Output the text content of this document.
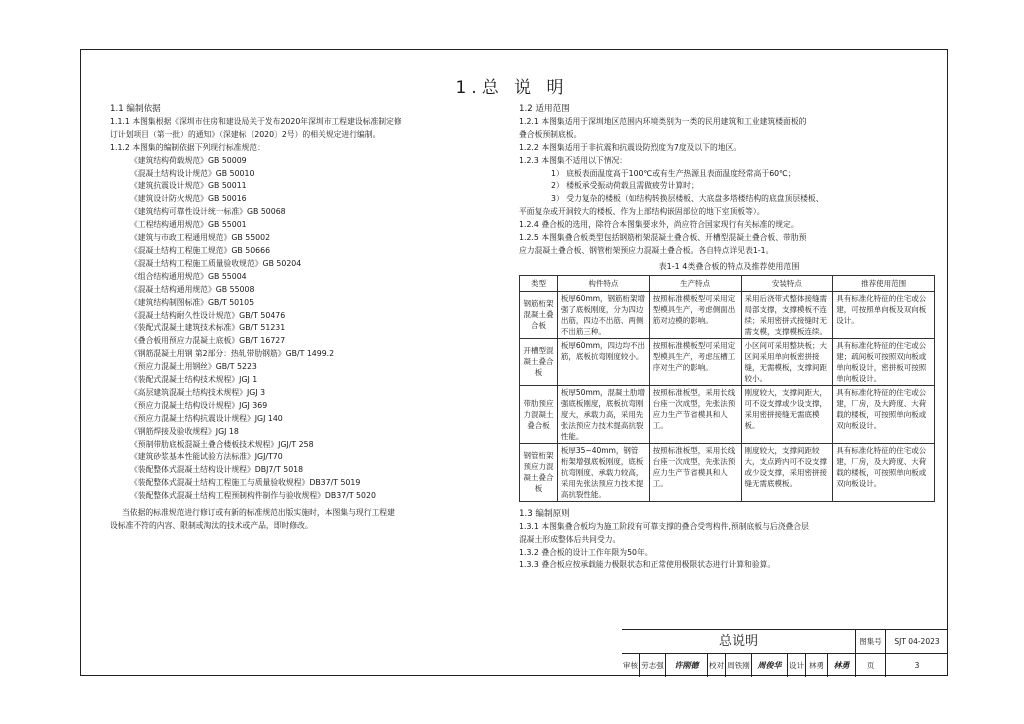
1.总 说 明
1.1 编制依据
1.1.1 本图集根据《深圳市住房和建设局关于发布2020年深圳市工程建设标准制定修
订计划项目（第一批）的通知》（深建标〔2020〕2号）的相关规定进行编制。
1.1.2 本图集的编制依据下列现行标准规范：
《建筑结构荷载规范》GB 50009
《混凝土结构设计规范》GB 50010
《建筑抗震设计规范》GB 50011
《建筑设计防火规范》GB 50016
《建筑结构可靠性设计统一标准》GB 50068
《工程结构通用规范》GB 55001
《建筑与市政工程通用规范》GB 55002
《混凝土结构工程施工规范》GB 50666
《混凝土结构工程施工质量验收规范》GB 50204
《组合结构通用规范》GB 55004
《混凝土结构通用规范》GB 55008
《建筑结构制图标准》GB/T 50105
《混凝土结构耐久性设计规范》GB/T 50476
《装配式混凝土建筑技术标准》GB/T 51231
《叠合板用预应力混凝土底板》GB/T 16727
《钢筋混凝土用钢 第2部分：热轧带肋钢筋》GB/T 1499.2
《预应力混凝土用钢丝》GB/T 5223
《装配式混凝土结构技术规程》JGJ 1
《高层建筑混凝土结构技术规程》JGJ 3
《预应力混凝土结构设计规程》JGJ 369
《预应力混凝土结构抗震设计规程》JGJ 140
《钢筋焊接及验收规程》JGJ 18
《预制带肋底板混凝土叠合楼板技术规程》JGJ/T 258
《建筑砂浆基本性能试验方法标准》JGJ/T70
《装配整体式混凝土结构设计规程》DBJ7/T 5018
《装配整体式混凝土结构工程施工与质量验收规程》DB37/T 5019
《装配整体式混凝土结构工程预制构件制作与验收规程》DB37/T 5020
当依据的标准规范进行修订或有新的标准规范出版实施时，本图集与现行工程建
设标准不符的内容、限制或淘汰的技术或产品，即时修改。
1.2 适用范围
1.2.1 本图集适用于深圳地区范围内环境类别为一类的民用建筑和工业建筑楼面板的
叠合板预制底板。
1.2.2 本图集适用于非抗震和抗震设防烈度为7度及以下的地区。
1.2.3 本图集不适用以下情况：
1） 底板表面温度高于100℃或有生产热源且表面温度经常高于60℃；
2） 楼板承受振动荷载且需做疲劳计算时；
3） 受力复杂的楼板（如结构转换层楼板、大底盘多塔楼结构的底盘顶层楼板、
平面复杂或开洞较大的楼板、作为上部结构嵌固部位的地下室顶板等）。
1.2.4 叠合板的选用，除符合本图集要求外，尚应符合国家现行有关标准的规定。
1.2.5 本图集叠合板类型包括钢筋桁架混凝土叠合板、开槽型混凝土叠合板、带肋预
应力混凝土叠合板、钢管桁架预应力混凝土叠合板。各自特点详见表1-1。
表1-1 4类叠合板的特点及推荐使用范围
类型	构件特点	生产特点	安装特点	推荐使用范围
钢筋桁架混凝土叠合板	板厚60mm，钢筋桁架增强了底板刚度，分为四边出筋，四边不出筋、两侧不出筋三种。	按照标准模板型可采用定型模具生产，考虑侧面出筋对边模的影响。	采用后浇带式整体接缝需局部支撑，支撑模板不连续；采用密拼式接缝时无需支模，支撑模板连续。	具有标准化特征的住宅或公建，可按照单向板及双向板设计。
开槽型混凝土叠合板	板厚60mm，四边均不出筋，底板抗弯刚度较小。	按照标准模板型可采用定型模具生产，考虑压槽工序对生产的影响。	小区间可采用整块板；大区间采用单向板密拼接缝，无需模板，支撑间距较小。	具有标准化特征的住宅或公建；疏间板可按照双向板或单向板设计，密拼板可按照单向板设计。
带肋预应力混凝土叠合板	板厚50mm，混凝土肋增强底板刚度，底板抗弯刚度大，承载力高，采用先张法预应力技术提高抗裂性能。	按照标准板型，采用长线台座一次成型，先张法预应力生产节省模具和人工。	刚度较大，支撑间距大，可不设支撑或少设支撑，采用密拼接缝无需底模板。	具有标准化特征的住宅或公建，厂房，及大跨度、大荷载的楼板，可按照单向板或双向板设计。
钢管桁架预应力混凝土叠合板	板厚35~40mm，钢管桁架增强底板刚度，底板抗弯刚度、承载力较高，采用先张法预应力技术提高抗裂性能。	按照标准板型，采用长线台座一次成型，先张法预应力生产节省模具和人工。	刚度较大，支撑间距较大，支点跨内可不设支撑或少设支撑，采用密拼接缝无需底模板。	具有标准化特征的住宅或公建，厂房，及大跨度、大荷载的楼板，可按照单向板或双向板设计。
1.3 编制原则
1.3.1 本图集叠合板均为施工阶段有可靠支撑的叠合受弯构件,预制底板与后浇叠合层
混凝土形成整体后共同受力。
1.3.2 叠合板的设计工作年限为50年。
1.3.3 叠合板应按承载能力极限状态和正常使用极限状态进行计算和验算。
总说明	图集号	SJT 04-2023
审核 劳志强	许刚德	校对 周铁刚 周俊华	设计 林勇	林勇	页	3
